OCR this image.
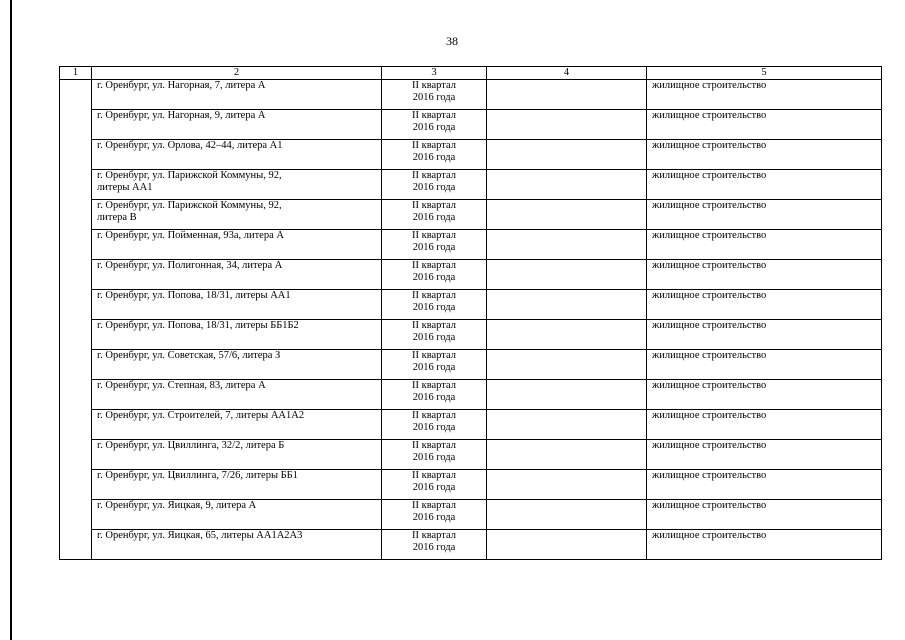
38
1	2	3	4	5

	г. Оренбург, ул. Нагорная, 7, литера А	II квартал
2016 года		жилищное строительство

	г. Оренбург, ул. Нагорная, 9, литера А	II квартал
2016 года		жилищное строительство

	г. Оренбург, ул. Орлова, 42–44, литера А1	II квартал
2016 года		жилищное строительство

	г. Оренбург, ул. Парижской Коммуны, 92,
литеры АА1	II квартал
2016 года		жилищное строительство

	г. Оренбург, ул. Парижской Коммуны, 92,
литера В	II квартал
2016 года		жилищное строительство

	г. Оренбург, ул. Пойменная, 93а, литера А	II квартал
2016 года		жилищное строительство

	г. Оренбург, ул. Полигонная, 34, литера А	II квартал
2016 года		жилищное строительство

	г. Оренбург, ул. Попова, 18/31, литеры АА1	II квартал
2016 года		жилищное строительство

	г. Оренбург, ул. Попова, 18/31, литеры ББ1Б2	II квартал
2016 года		жилищное строительство

	г. Оренбург, ул. Советская, 57/6, литера З	II квартал
2016 года		жилищное строительство

	г. Оренбург, ул. Степная, 83, литера А	II квартал
2016 года		жилищное строительство

	г. Оренбург, ул. Строителей, 7, литеры АА1А2	II квартал
2016 года		жилищное строительство

	г. Оренбург, ул. Цвиллинга, 32/2, литера Б	II квартал
2016 года		жилищное строительство

	г. Оренбург, ул. Цвиллинга, 7/26, литеры ББ1	II квартал
2016 года		жилищное строительство

	г. Оренбург, ул. Яицкая, 9, литера А	II квартал
2016 года		жилищное строительство

	г. Оренбург, ул. Яицкая, 65, литеры АА1А2А3	II квартал
2016 года		жилищное строительство
